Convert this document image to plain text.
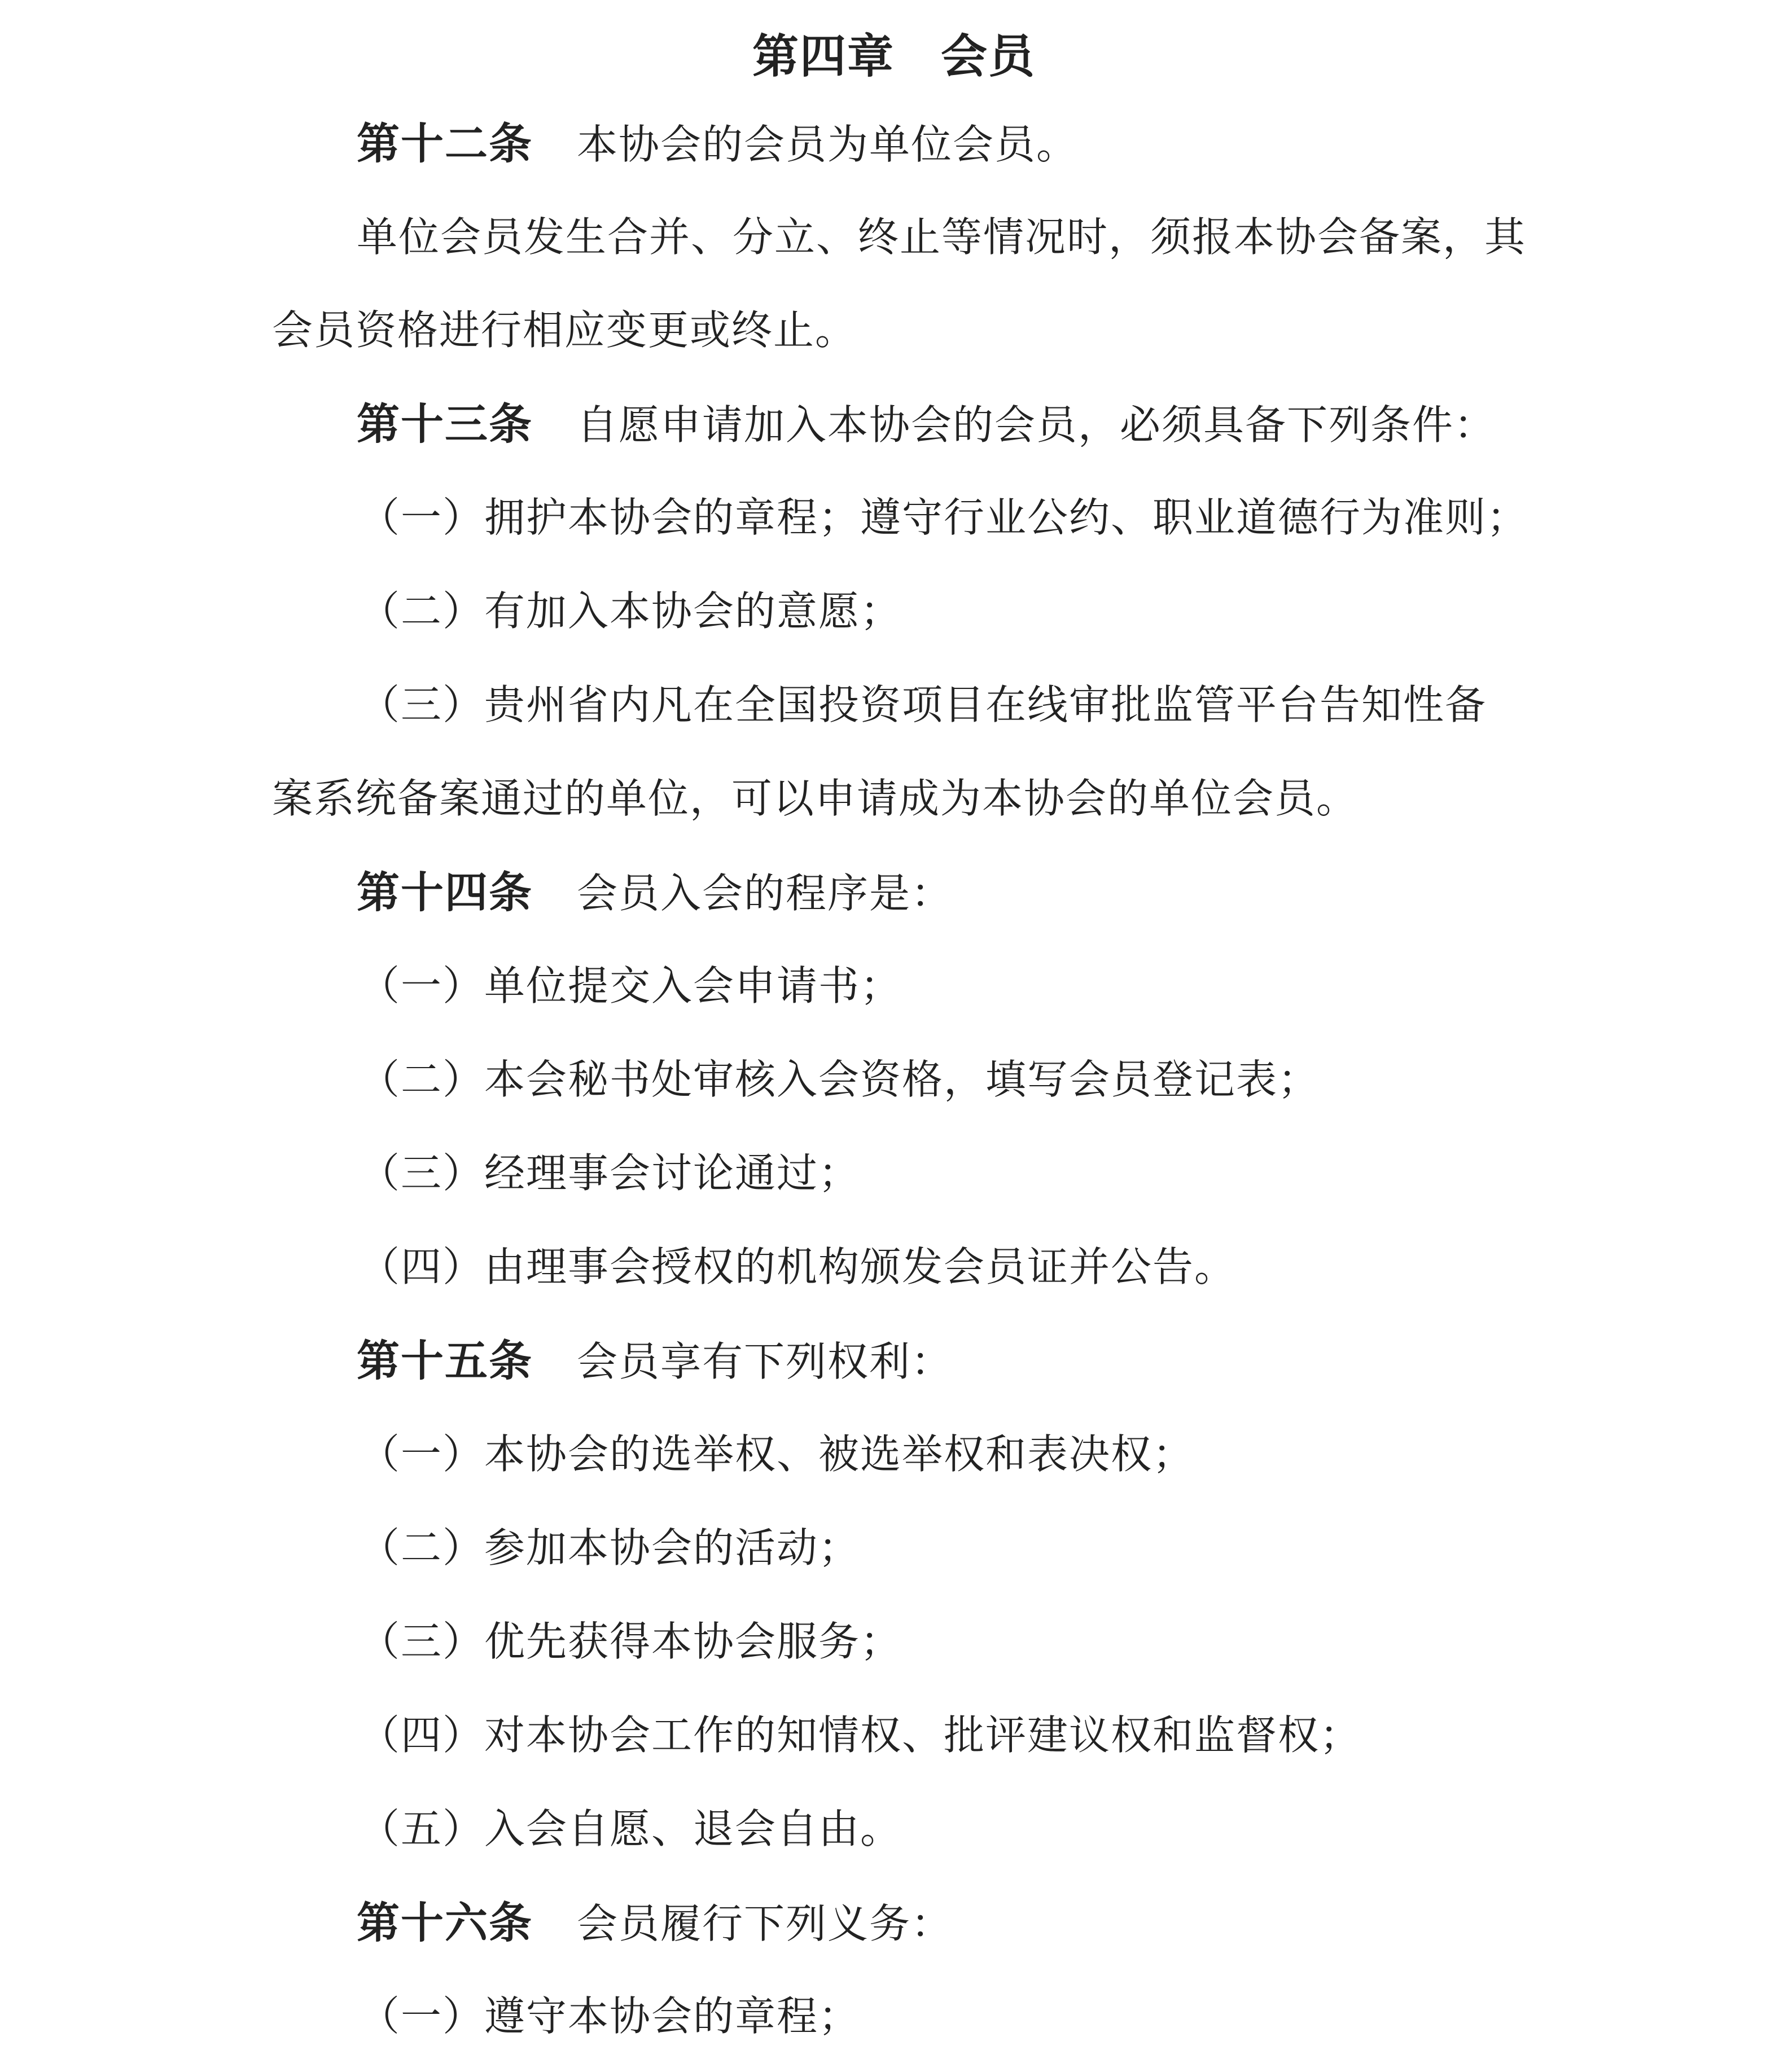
第四章 会员
第十二条 本协会的会员为单位会员。
单位会员发生合并、分立、终止等情况时，须报本协会备案，其
会员资格进行相应变更或终止。
第十三条 自愿申请加入本协会的会员，必须具备下列条件：
（一）拥护本协会的章程；遵守行业公约、职业道德行为准则；
（二）有加入本协会的意愿；
（三）贵州省内凡在全国投资项目在线审批监管平台告知性备
案系统备案通过的单位，可以申请成为本协会的单位会员。
第十四条 会员入会的程序是：
（一）单位提交入会申请书；
（二）本会秘书处审核入会资格，填写会员登记表；
（三）经理事会讨论通过；
（四）由理事会授权的机构颁发会员证并公告。
第十五条 会员享有下列权利：
（一）本协会的选举权、被选举权和表决权；
（二）参加本协会的活动；
（三）优先获得本协会服务；
（四）对本协会工作的知情权、批评建议权和监督权；
（五）入会自愿、退会自由。
第十六条 会员履行下列义务：
（一）遵守本协会的章程；
